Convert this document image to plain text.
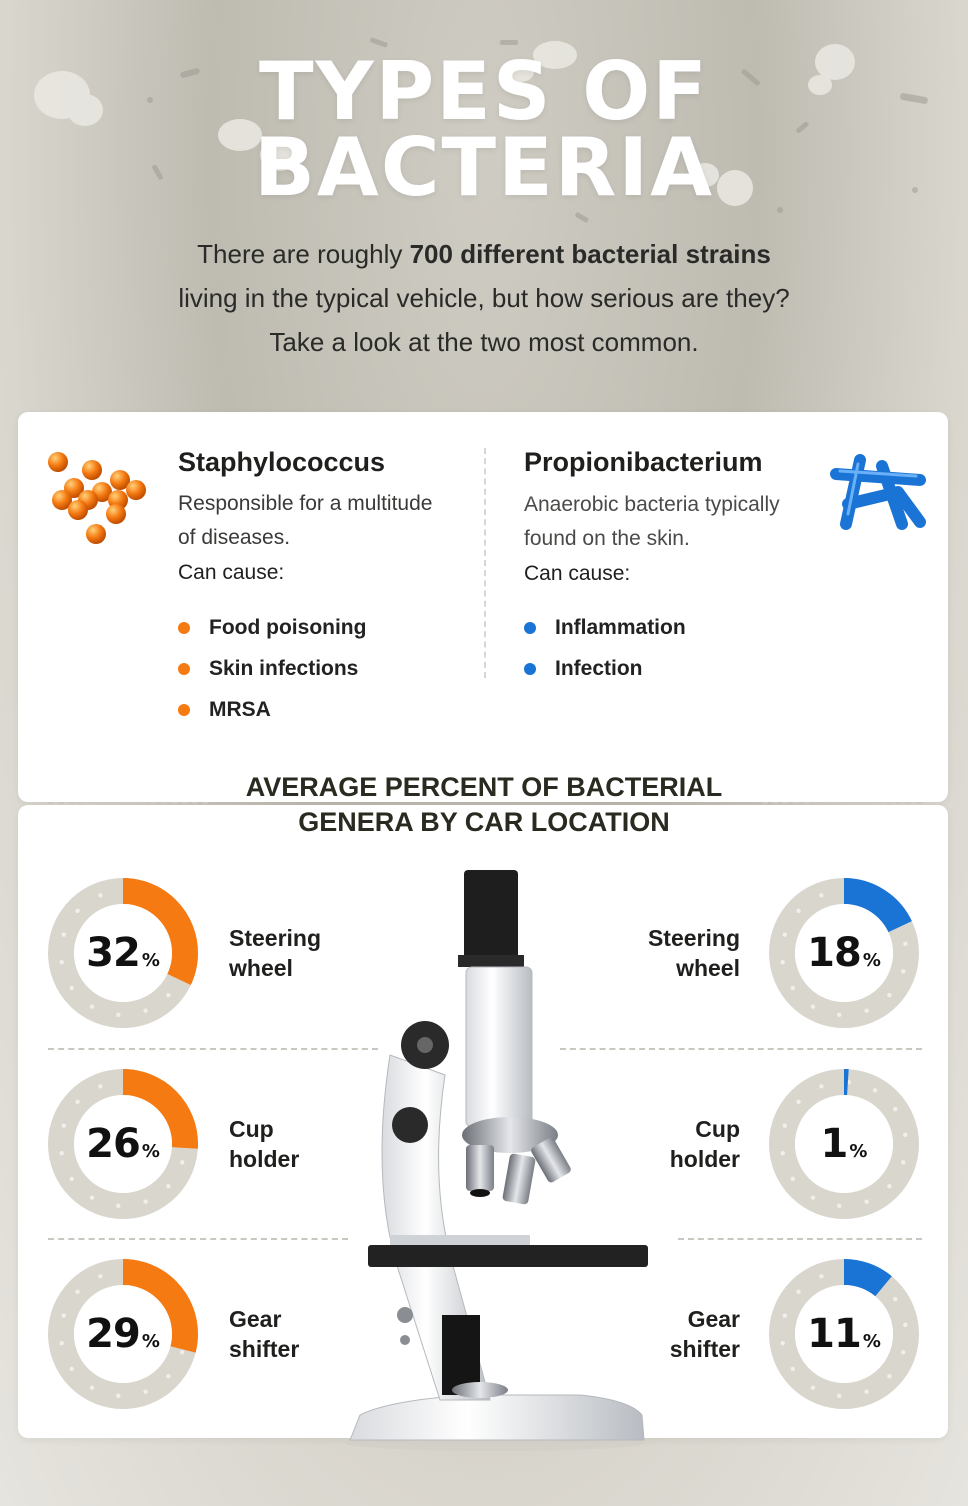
TYPES OF
BACTERIA
There are roughly 700 different bacterial strains
living in the typical vehicle, but how serious are they?
Take a look at the two most common.
Staphylococcus
Responsible for a multitude
of diseases.
Can cause:
Food poisoning
Skin infections
MRSA
Propionibacterium
Anaerobic bacteria typically
found on the skin.
Can cause:
Inflammation
Infection
AVERAGE PERCENT OF BACTERIAL
GENERA BY CAR LOCATION
32 %
Steering
wheel
26 %
Cup
holder
29 %
Gear
shifter
18 %
Steering
wheel
1 %
Cup
holder
11 %
Gear
shifter
